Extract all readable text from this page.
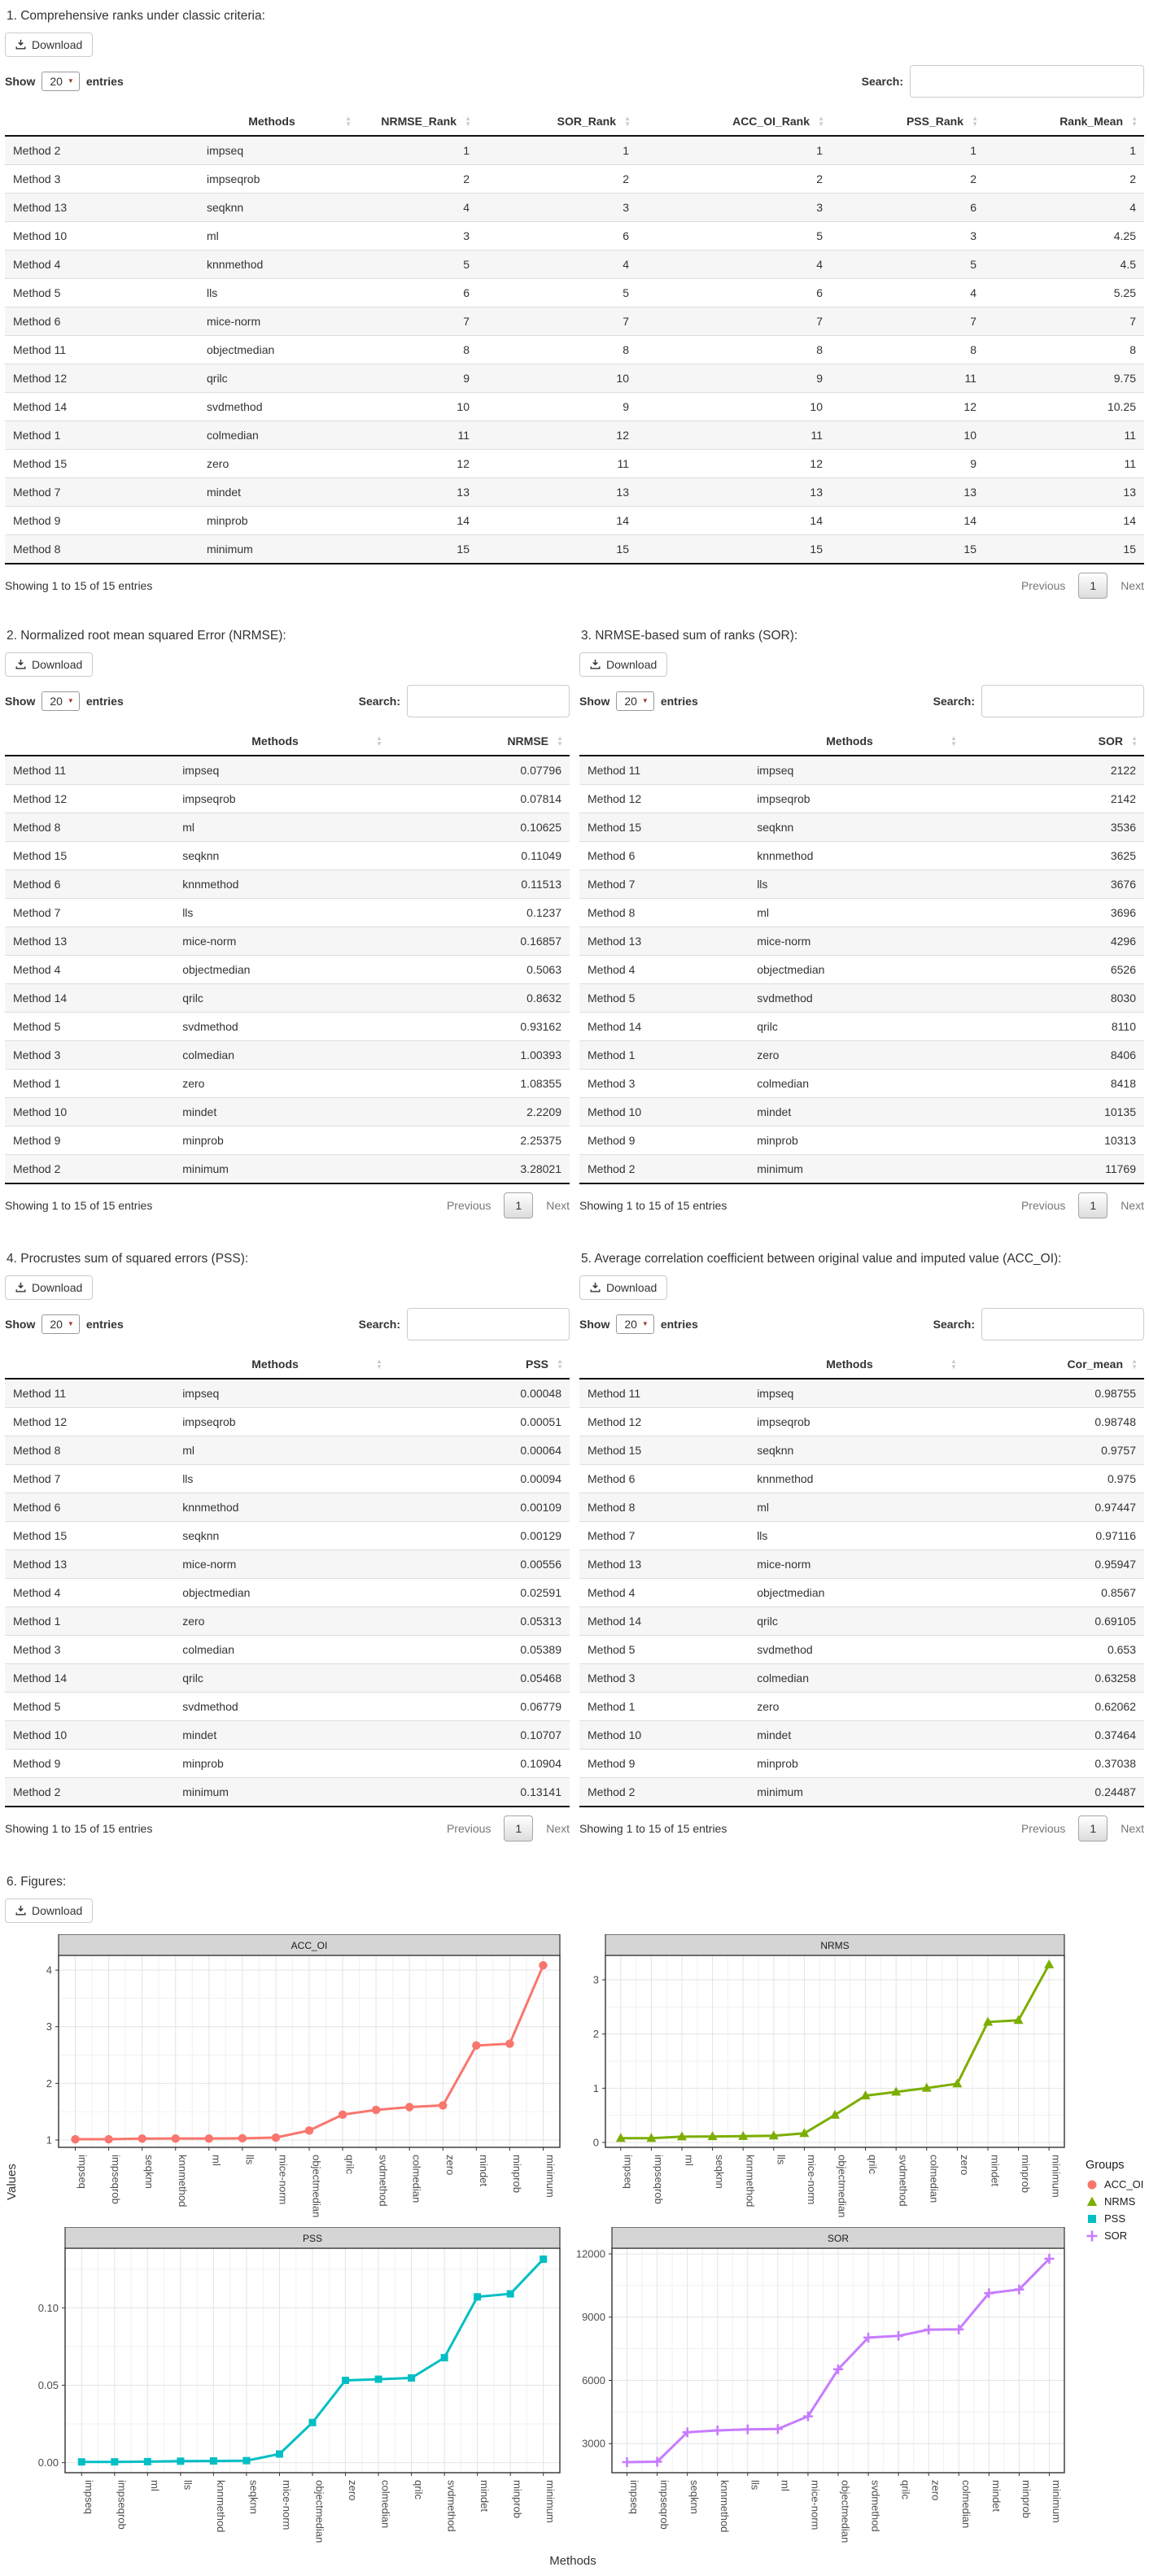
1. Comprehensive ranks under classic criteria:
Download
Show 20 ▼ entries	Search:
	Methods ▲
▼	NRMSE_Rank ▲
▼	SOR_Rank ▲
▼	ACC_OI_Rank ▲
▼	PSS_Rank ▲
▼	Rank_Mean ▲
▼

Method 2	impseq	1	1	1	1	1
Method 3	impseqrob	2	2	2	2	2
Method 13	seqknn	4	3	3	6	4
Method 10	ml	3	6	5	3	4.25
Method 4	knnmethod	5	4	4	5	4.5
Method 5	lls	6	5	6	4	5.25
Method 6	mice-norm	7	7	7	7	7
Method 11	objectmedian	8	8	8	8	8
Method 12	qrilc	9	10	9	11	9.75
Method 14	svdmethod	10	9	10	12	10.25
Method 1	colmedian	11	12	11	10	11
Method 15	zero	12	11	12	9	11
Method 7	mindet	13	13	13	13	13
Method 9	minprob	14	14	14	14	14
Method 8	minimum	15	15	15	15	15
Showing 1 to 15 of 15 entries	Previous	1	Next
2. Normalized root mean squared Error (NRMSE):
Download
Show 20 ▼ entries	Search:
	Methods ▲
▼	NRMSE ▲
▼

Method 11	impseq	0.07796
Method 12	impseqrob	0.07814
Method 8	ml	0.10625
Method 15	seqknn	0.11049
Method 6	knnmethod	0.11513
Method 7	lls	0.1237
Method 13	mice-norm	0.16857
Method 4	objectmedian	0.5063
Method 14	qrilc	0.8632
Method 5	svdmethod	0.93162
Method 3	colmedian	1.00393
Method 1	zero	1.08355
Method 10	mindet	2.2209
Method 9	minprob	2.25375
Method 2	minimum	3.28021
Showing 1 to 15 of 15 entries	Previous	1	Next
3. NRMSE-based sum of ranks (SOR):
Download
Show 20 ▼ entries	Search:
	Methods ▲
▼	SOR ▲
▼

Method 11	impseq	2122
Method 12	impseqrob	2142
Method 15	seqknn	3536
Method 6	knnmethod	3625
Method 7	lls	3676
Method 8	ml	3696
Method 13	mice-norm	4296
Method 4	objectmedian	6526
Method 5	svdmethod	8030
Method 14	qrilc	8110
Method 1	zero	8406
Method 3	colmedian	8418
Method 10	mindet	10135
Method 9	minprob	10313
Method 2	minimum	11769
Showing 1 to 15 of 15 entries	Previous	1	Next
4. Procrustes sum of squared errors (PSS):
Download
Show 20 ▼ entries	Search:
	Methods ▲
▼	PSS ▲
▼

Method 11	impseq	0.00048
Method 12	impseqrob	0.00051
Method 8	ml	0.00064
Method 7	lls	0.00094
Method 6	knnmethod	0.00109
Method 15	seqknn	0.00129
Method 13	mice-norm	0.00556
Method 4	objectmedian	0.02591
Method 1	zero	0.05313
Method 3	colmedian	0.05389
Method 14	qrilc	0.05468
Method 5	svdmethod	0.06779
Method 10	mindet	0.10707
Method 9	minprob	0.10904
Method 2	minimum	0.13141
Showing 1 to 15 of 15 entries	Previous	1	Next
5. Average correlation coefficient between original value and imputed value (ACC_OI):
Download
Show 20 ▼ entries	Search:
	Methods ▲
▼	Cor_mean ▲
▼

Method 11	impseq	0.98755
Method 12	impseqrob	0.98748
Method 15	seqknn	0.9757
Method 6	knnmethod	0.975
Method 8	ml	0.97447
Method 7	lls	0.97116
Method 13	mice-norm	0.95947
Method 4	objectmedian	0.8567
Method 14	qrilc	0.69105
Method 5	svdmethod	0.653
Method 3	colmedian	0.63258
Method 1	zero	0.62062
Method 10	mindet	0.37464
Method 9	minprob	0.37038
Method 2	minimum	0.24487
Showing 1 to 15 of 15 entries	Previous	1	Next
6. Figures:
Download
Values
1
2
3
4
impseq impseqrob seqknn knnmethod ml lls mice-norm objectmedian qrilc svdmethod colmedian zero mindet minprob minimum
ACC_OI
0
1
2
3
impseq impseqrob ml seqknn knnmethod lls mice-norm objectmedian qrilc svdmethod colmedian zero mindet minprob minimum
NRMS
0.00
0.05
0.10
impseq impseqrob ml lls knnmethod seqknn mice-norm objectmedian zero colmedian qrilc svdmethod mindet minprob minimum
PSS
3000
6000
9000
12000
impseq impseqrob seqknn knnmethod lls ml mice-norm objectmedian svdmethod qrilc zero colmedian mindet minprob minimum
SOR
Methods
Groups
ACC_OI
NRMS
PSS
SOR
